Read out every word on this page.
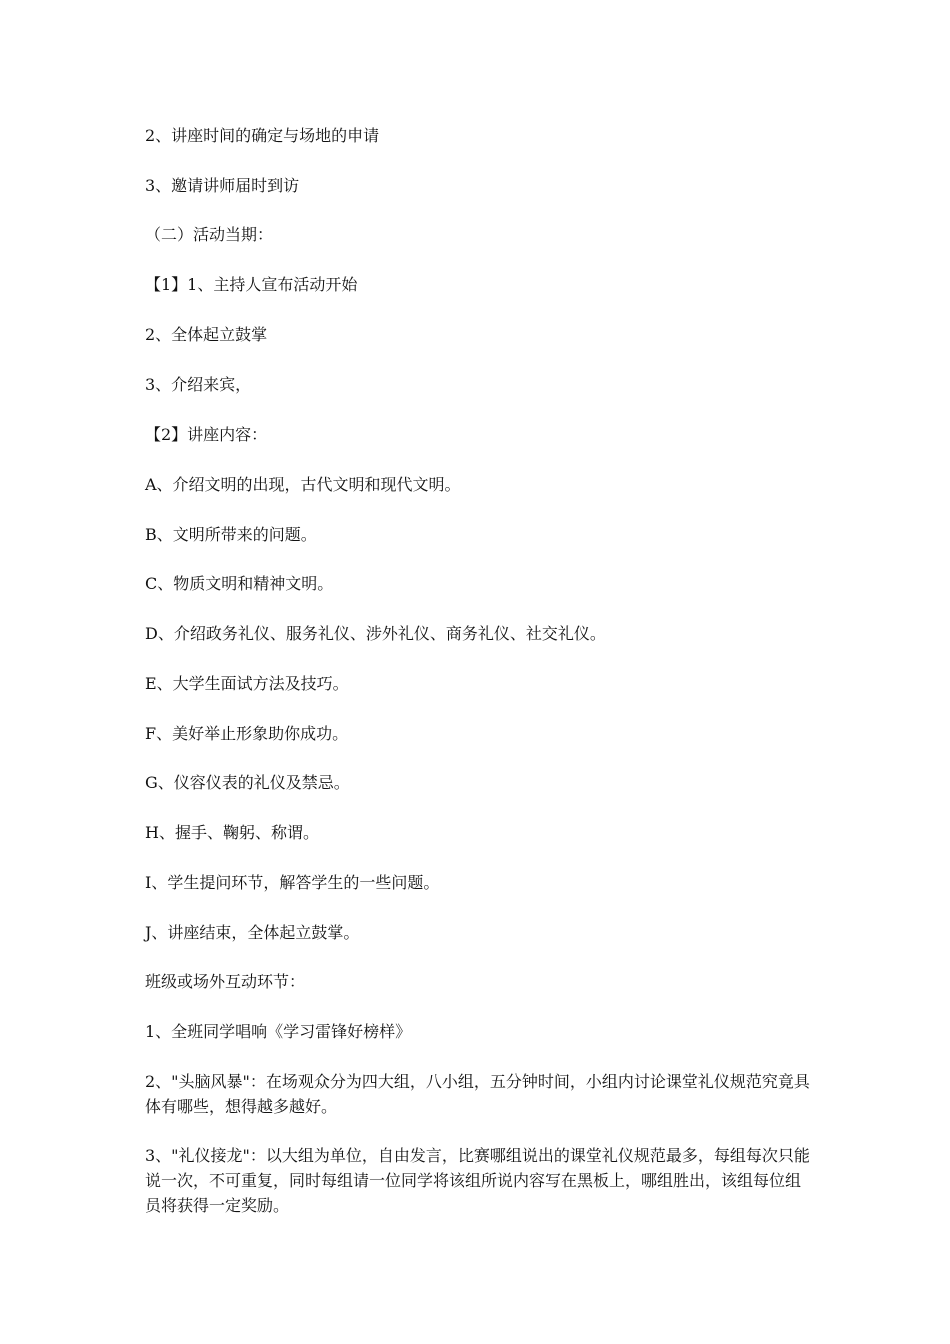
2、讲座时间的确定与场地的申请

3、邀请讲师届时到访

（二）活动当期：

【1】1、主持人宣布活动开始

2、全体起立鼓掌

3、介绍来宾，

【2】讲座内容：

A、介绍文明的出现，古代文明和现代文明。

B、文明所带来的问题。

C、物质文明和精神文明。

D、介绍政务礼仪、服务礼仪、涉外礼仪、商务礼仪、社交礼仪。

E、大学生面试方法及技巧。

F、美好举止形象助你成功。

G、仪容仪表的礼仪及禁忌。

H、握手、鞠躬、称谓。

I、学生提问环节，解答学生的一些问题。

J、讲座结束，全体起立鼓掌。

班级或场外互动环节：

1、全班同学唱响《学习雷锋好榜样》

2、"头脑风暴"：在场观众分为四大组，八小组，五分钟时间，小组内讨论课堂礼仪规范究竟具体有哪些，想得越多越好。

3、"礼仪接龙"：以大组为单位，自由发言，比赛哪组说出的课堂礼仪规范最多，每组每次只能说一次，不可重复，同时每组请一位同学将该组所说内容写在黑板上，哪组胜出，该组每位组员将获得一定奖励。
